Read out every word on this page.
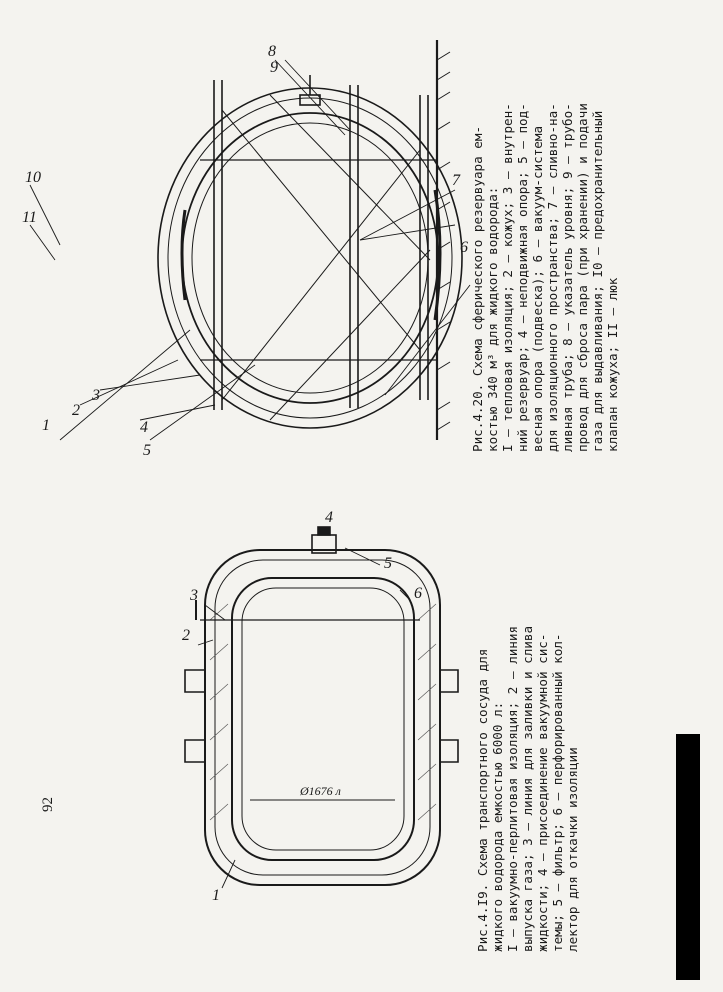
1
2
3
4
5
6
7
8
9
10
11
1
2
3
4
5
6
Ø1676 л
Рис.4.20. Схема сферического резервуара ем- костью 340 м³ для жидкого водорода: I – тепловая изоляция; 2 – кожух; 3 – внутрен- ний резервуар; 4 – неподвижная опора; 5 – под- весная опора (подвеска); 6 – вакуум-система для изоляционного пространства; 7 – сливно-на- ливная труба; 8 – указатель уровня; 9 – трубо- провод для сброса пара (при хранении) и подачи газа для выдавливания; I0 – предохранительный клапан кожуха; II – люк
Рис.4.I9. Схема транспортного сосуда для жидкого водорода емкостью 6000 л: I – вакуумно-перлитовая изоляция; 2 – линия выпуска газа; 3 – линия для заливки и слива жидкости; 4 – присоединение вакуумной сис- темы; 5 – фильтр; 6 – перфорированный кол- лектор для откачки изоляции
92
